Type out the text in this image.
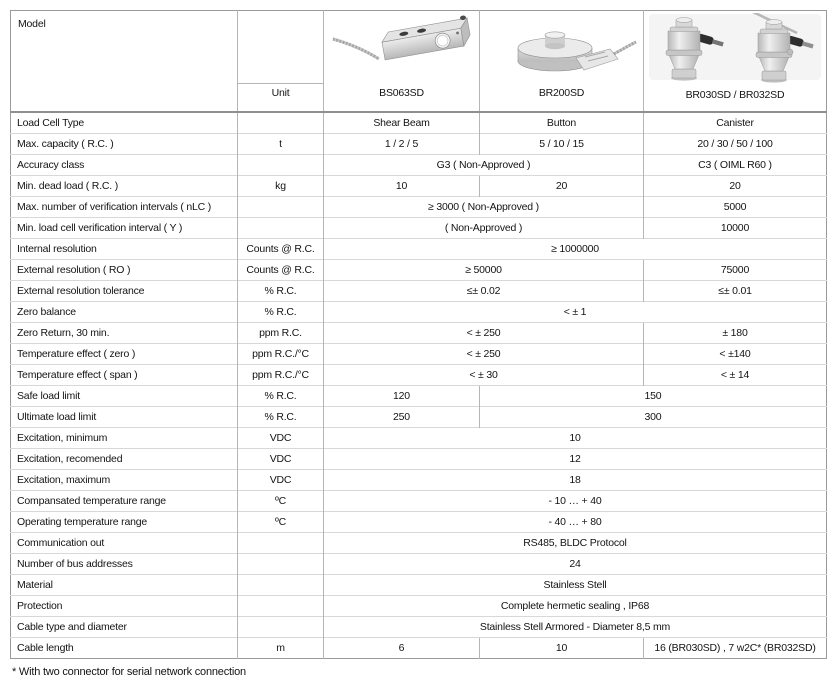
Model	Unit	BS063SD	BR200SD	BR030SD / BR032SD

Load Cell Type		Shear Beam	Button	Canister
Max. capacity ( R.C. )	t	1 / 2 / 5	5 / 10 / 15	20 / 30 / 50 / 100
Accuracy class		G3 ( Non-Approved )		C3 ( OIML R60 )
Min. dead load ( R.C. )	kg	10	20	20
Max. number of verification intervals ( nLC )		≥ 3000 ( Non-Approved )		5000
Min. load cell verification interval ( Y )		( Non-Approved )		10000
Internal resolution	Counts @ R.C.	≥ 1000000		
External resolution ( RO )	Counts @ R.C.	≥ 50000		75000
External resolution tolerance	% R.C.	≤± 0.02		≤± 0.01
Zero balance	% R.C.	< ± 1		
Zero Return, 30 min.	ppm R.C.	< ± 250		± 180
Temperature effect ( zero )	ppm R.C./°C	< ± 250		< ±140
Temperature effect ( span )	ppm R.C./°C	< ± 30		< ± 14
Safe load limit	% R.C.	120	150	
Ultimate load limit	% R.C.	250	300	
Excitation, minimum	VDC	10		
Excitation, recomended	VDC	12		
Excitation, maximum	VDC	18		
Compansated temperature range	ºC	- 10 … + 40		
Operating temperature range	ºC	- 40 … + 80		
Communication out		RS485, BLDC Protocol		
Number of bus addresses		24		
Material		Stainless Stell		
Protection		Complete hermetic sealing , IP68		
Cable type and diameter		Stainless Stell Armored - Diameter 8,5 mm		
Cable length	m	6	10	16 (BR030SD) , 7 w2C* (BR032SD)
* With two connector for serial network connection
